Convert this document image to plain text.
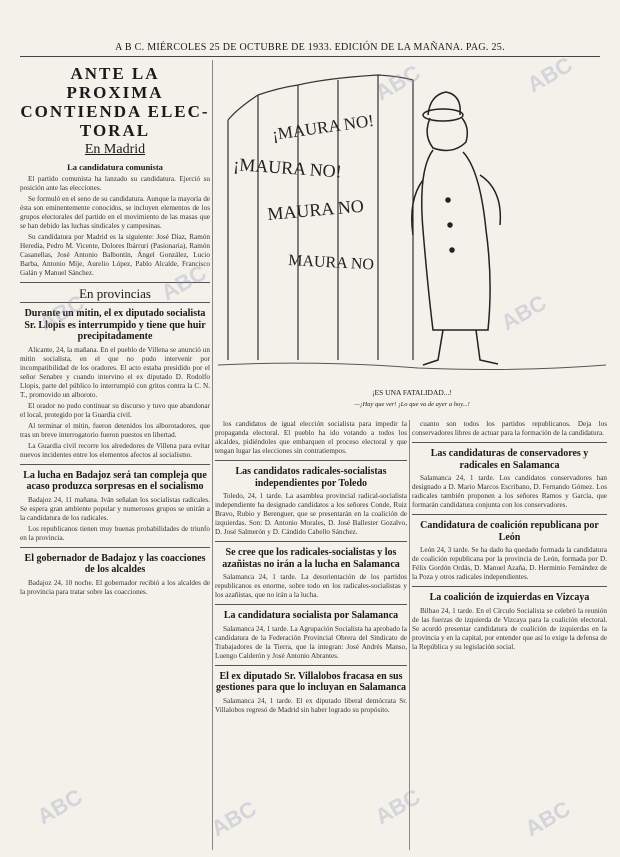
A B C. MIÉRCOLES 25 DE OCTUBRE DE 1933. EDICIÓN DE LA MAÑANA. PAG. 25.
ANTE LA PROXIMA
CONTIENDA ELEC-
TORAL
En Madrid
La candidatura comunista

El partido comunista ha lanzado su candidatura. Ejerció su posición ante las elecciones.

Se formuló en el seno de su candidatura. Aunque la mayoría de ésta son eminentemente conocidos, se incluyen elementos de los grupos electorales del partido en el movimiento de las masas que se han debido las luchas sindicales y campesinas.

Su candidatura por Madrid es la siguiente: José Díaz, Ramón Heredia, Pedro M. Vicente, Dolores Ibárruri (Pasionaria), Ramón Casanellas, José Antonio Balbontín, Ángel González, Lucio Barba, Antonio Mije, Aurelio López, Pablo Alcalde, Francisco Galán y Manuel Sánchez.

En provincias
Durante un mitin, el ex diputado socialista Sr. Llopis es interrumpido y tiene que huir precipitadamente

Alicante, 24, la mañana. En el pueblo de Villena se anunció un mitin socialista, en el que no pudo intervenir por incompatibilidad de los oradores. El acto estaba presidido por el señor Senabre y cuando intervino el ex diputado D. Rodolfo Llopis, parte del público lo interrumpió con gritos contra la C. N. T., promovido un alboroto.

El orador no pudo continuar su discurso y tuvo que abandonar el local, protegido por la Guardia civil.

Al terminar el mitin, fueron detenidos los alborotadores, que tras un breve interrogatorio fueron puestos en libertad.

La Guardia civil recorre los alrededores de Villena para evitar nuevos incidentes entre los elementos afectos al socialismo.

La lucha en Badajoz será tan compleja que acaso produzca sorpresas en el socialismo

Badajoz 24, 11 mañana. Iván señalan los socialistas radicales. Se espera gran ambiente popular y numerosos grupos se unirán a la candidatura de los radicales.

Los republicanos tienen muy buenas probabilidades de triunfo en la provincia.

El gobernador de Badajoz y las coacciones de los alcaldes

Badajoz 24, 10 noche. El gobernador recibió a los alcaldes de la provincia para tratar sobre las coacciones.

¡MAURA NO!
¡MAURA NO!
MAURA NO
MAURA NO
¡ES UNA FATALIDAD...!
—¡Hay que ver! ¡Lo que va de ayer a hoy...!

los candidatos de igual elección socialista para impedir la propaganda electoral. El pueblo ha ido votando a todos los alcaldes, pidiéndoles que embarquen el proceso electoral y que tengan lugar las elecciones sin contratiempos.

Las candidatos radicales-socialistas independientes por Toledo

Toledo, 24, 1 tarde. La asamblea provincial radical-socialista independiente ha designado candidatos a los señores Conde, Ruiz Bravo, Rubio y Berenguer, que se presentarán en la coalición de izquierdas. Son: D. Antonio Morales, D. José Ballester Gozalvo, D. José Salmerón y D. Cándido Cabello Sánchez.

Se cree que los radicales-socialistas y los azañistas no irán a la lucha en Salamanca

Salamanca 24, 1 tarde. La desorientación de los partidos republicanos es enorme, sobre todo en los radicales-socialistas y los azañistas, que no irán a la lucha.

La candidatura socialista por Salamanca

Salamanca 24, 1 tarde. La Agrupación Socialista ha aprobado la candidatura de la Federación Provincial Obrera del Sindicato de Trabajadores de la Tierra, que la integran: José Andrés Manso, Luengo Calderón y José Antonio Abrantes.

El ex diputado Sr. Villalobos fracasa en sus gestiones para que lo incluyan en Salamanca

Salamanca 24, 1 tarde. El ex diputado liberal demócrata Sr. Villalobos regresó de Madrid sin haber logrado su propósito.

cuanto son todos los partidos republicanos. Deja los conservadores libres de actuar para la formación de la candidatura.

Las candidaturas de conservadores y radicales en Salamanca

Salamanca 24, 1 tarde. Los candidatos conservadores han designado a D. Mario Marcos Escribano, D. Fernando Gómez. Los radicales también proponen a los señores Ramos y García, que formarán candidatura conjunta con los conservadores.

Candidatura de coalición republicana por León

León 24, 3 tarde. Se ha dado ha quedado formada la candidatura de coalición republicana por la provincia de León, formada por D. Félix Gordón Ordás, D. Manuel Azaña, D. Herminio Fernández de la Poza y otros radicales independientes.

La coalición de izquierdas en Vizcaya

Bilbao 24, 1 tarde. En el Círculo Socialista se celebró la reunión de las fuerzas de izquierda de Vizcaya para la coalición electoral. Se acordó presentar candidatura de coalición de izquierdas en la provincia y en la capital, por entender que así lo exige la defensa de la República y su legislación social.

ABC
ABC
ABC	ABC
ABC
ABC	ABC	ABC	ABC
